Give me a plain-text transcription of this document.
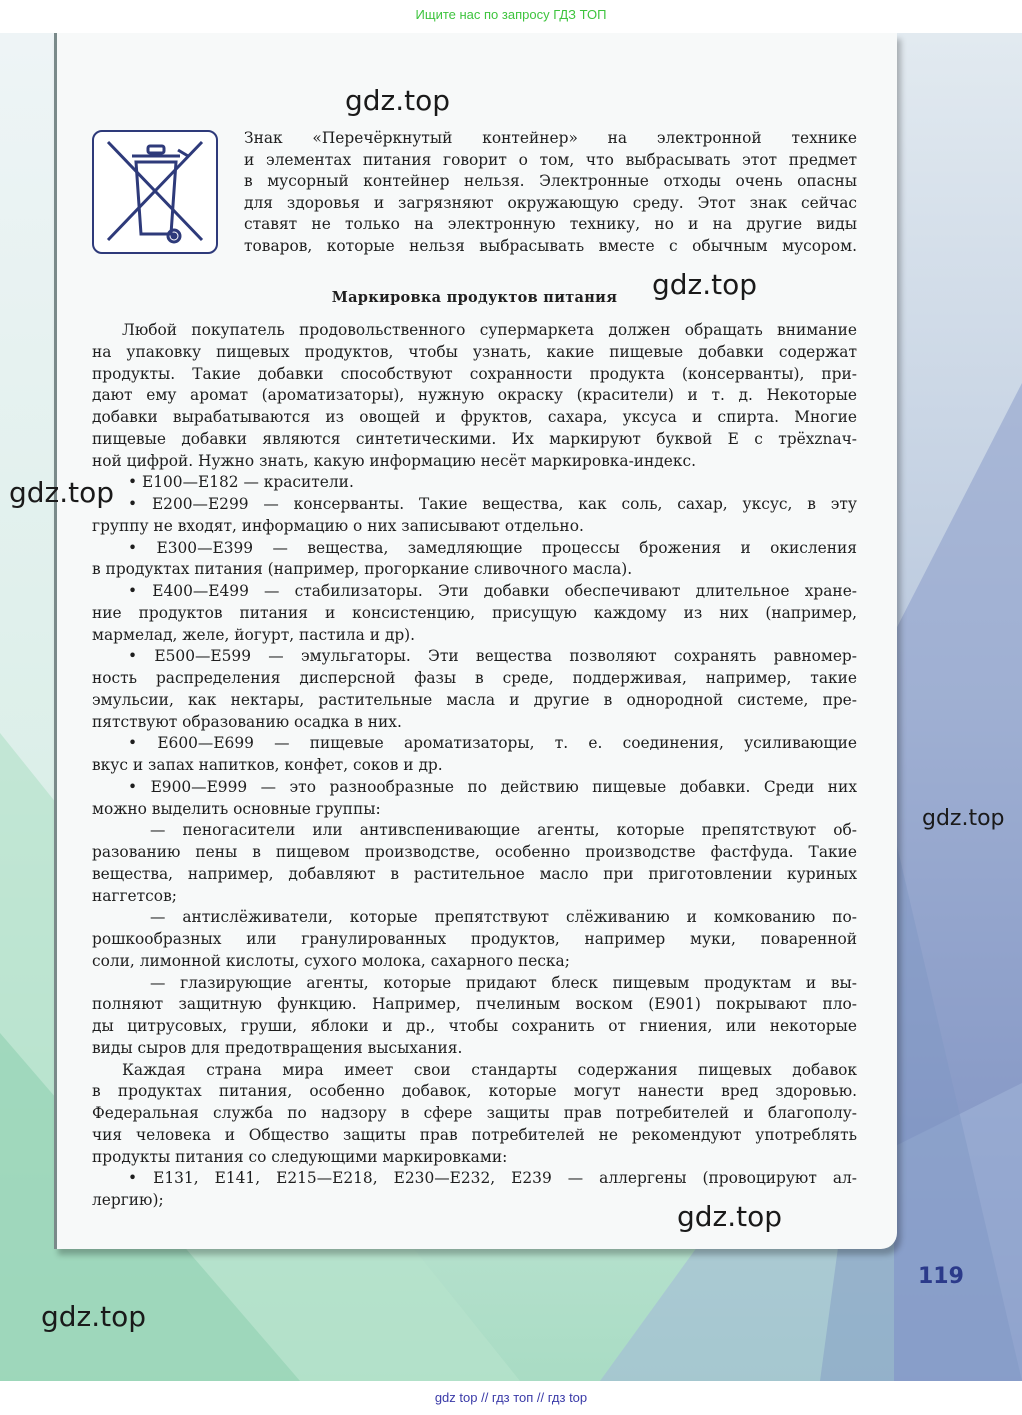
Ищите нас по запросу ГДЗ ТОП
Знак «Перечёркнутый контейнер» на электронной технике
и элементах питания говорит о том, что выбрасывать этот предмет
в мусорный контейнер нельзя. Электронные отходы очень опасны
для здоровья и загрязняют окружающую среду. Этот знак сейчас
ставят не только на электронную технику, но и на другие виды
товаров, которые нельзя выбрасывать вместе с обычным мусором.
Маркировка продуктов питания
Любой покупатель продовольственного супермаркета должен обращать внимание
на упаковку пищевых продуктов, чтобы узнать, какие пищевые добавки содержат
продукты. Такие добавки способствуют сохранности продукта (консерванты), при-
дают ему аромат (ароматизаторы), нужную окраску (красители) и т. д. Некоторые
добавки вырабатываются из овощей и фруктов, сахара, уксуса и спирта. Многие
пищевые добавки являются синтетическими. Их маркируют буквой Е с трёхznач-
ной цифрой. Нужно знать, какую информацию несёт маркировка-индекс.
• E100—E182 — красители.
• E200—E299 — консерванты. Такие вещества, как соль, сахар, уксус, в эту
группу не входят, информацию о них записывают отдельно.
• E300—E399 — вещества, замедляющие процессы брожения и окисления
в продуктах питания (например, прогоркание сливочного масла).
• E400—E499 — стабилизаторы. Эти добавки обеспечивают длительное хране-
ние продуктов питания и консистенцию, присущую каждому из них (например,
мармелад, желе, йогурт, пастила и др).
• E500—E599 — эмульгаторы. Эти вещества позволяют сохранять равномер-
ность распределения дисперсной фазы в среде, поддерживая, например, такие
эмульсии, как нектары, растительные масла и другие в однородной системе, пре-
пятствуют образованию осадка в них.
• E600—E699 — пищевые ароматизаторы, т. е. соединения, усиливающие
вкус и запах напитков, конфет, соков и др.
• E900—E999 — это разнообразные по действию пищевые добавки. Среди них
можно выделить основные группы:
— пеногасители или антивспенивающие агенты, которые препятствуют об-
разованию пены в пищевом производстве, особенно производстве фастфуда. Такие
вещества, например, добавляют в растительное масло при приготовлении куриных
наггетсов;
— антислёживатели, которые препятствуют слёживанию и комкованию по-
рошкообразных или гранулированных продуктов, например муки, поваренной
соли, лимонной кислоты, сухого молока, сахарного песка;
— глазирующие агенты, которые придают блеск пищевым продуктам и вы-
полняют защитную функцию. Например, пчелиным воском (E901) покрывают пло-
ды цитрусовых, груши, яблоки и др., чтобы сохранить от гниения, или некоторые
виды сыров для предотвращения высыхания.
Каждая страна мира имеет свои стандарты содержания пищевых добавок
в продуктах питания, особенно добавок, которые могут нанести вред здоровью.
Федеральная служба по надзору в сфере защиты прав потребителей и благополу-
чия человека и Общество защиты прав потребителей не рекомендуют употреблять
продукты питания со следующими маркировками:
• E131, E141, E215—E218, E230—E232, E239 — аллергены (провоцируют ал-
лергию);
gdz.top
gdz.top
gdz.top
gdz.top
gdz.top
gdz.top
119
gdz top // гдз топ // гдз top
